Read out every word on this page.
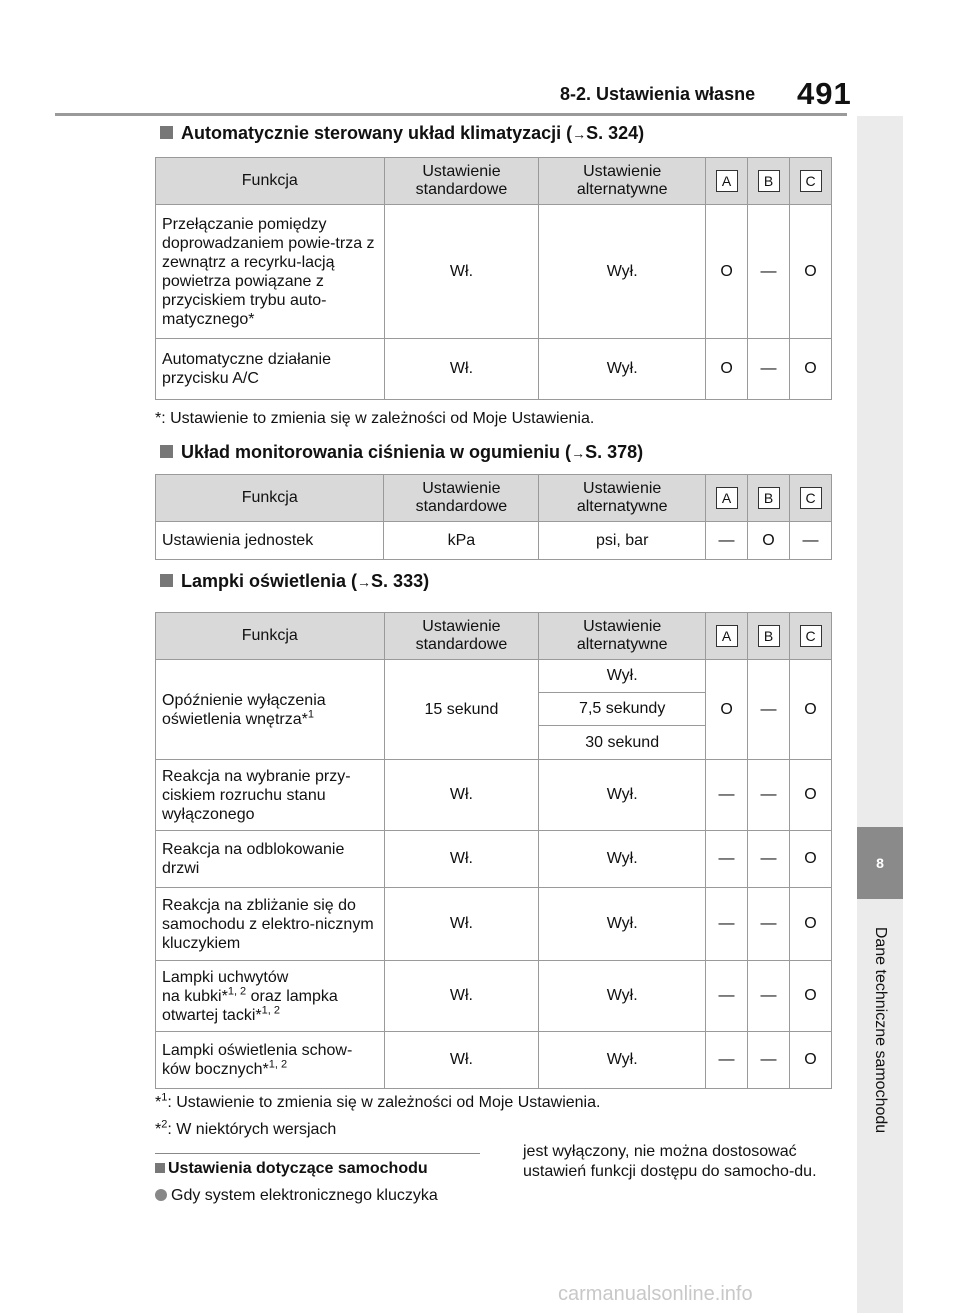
8-2. Ustawienia własne 491
8
Dane techniczne samochodu
Automatycznie sterowany układ klimatyzacji (→S. 324)
Funkcja	Ustawienie standardowe	Ustawienie alternatywne	A	B	C
Przełączanie pomiędzy doprowadzaniem powie-trza z zewnątrz a recyrku-lacją powietrza powiązane z przyciskiem trybu auto-matycznego*	Wł.	Wył.	O	—	O
Automatyczne działanie przycisku A/C	Wł.	Wył.	O	—	O
*: Ustawienie to zmienia się w zależności od Moje Ustawienia.
Układ monitorowania ciśnienia w ogumieniu (→S. 378)
Funkcja	Ustawienie standardowe	Ustawienie alternatywne	A	B	C
Ustawienia jednostek	kPa	psi, bar	—	O	—
Lampki oświetlenia (→S. 333)
Funkcja	Ustawienie standardowe	Ustawienie alternatywne	A	B	C
Opóźnienie wyłączenia oświetlenia wnętrza*$^1$	15 sekund	Wył.	O	—	O
		7,5 sekundy			
		30 sekund			
Reakcja na wybranie przy-ciskiem rozruchu stanu wyłączonego	Wł.	Wył.	—	—	O
Reakcja na odblokowanie drzwi	Wł.	Wył.	—	—	O
Reakcja na zbliżanie się do samochodu z elektro-nicznym kluczykiem	Wł.	Wył.	—	—	O
Lampki uchwytów
na kubki*$^{1, 2}$ oraz lampka
otwartej tacki*$^{1, 2}$	Wł.	Wył.	—	—	O
Lampki oświetlenia schow-
ków bocznych*$^{1, 2}$	Wł.	Wył.	—	—	O
*$^1$: Ustawienie to zmienia się w zależności od Moje Ustawienia.
*$^2$: W niektórych wersjach
Ustawienia dotyczące samochodu
Gdy system elektronicznego kluczyka
jest wyłączony, nie można dostosować ustawień funkcji dostępu do samocho-du.
carmanualsonline.info
